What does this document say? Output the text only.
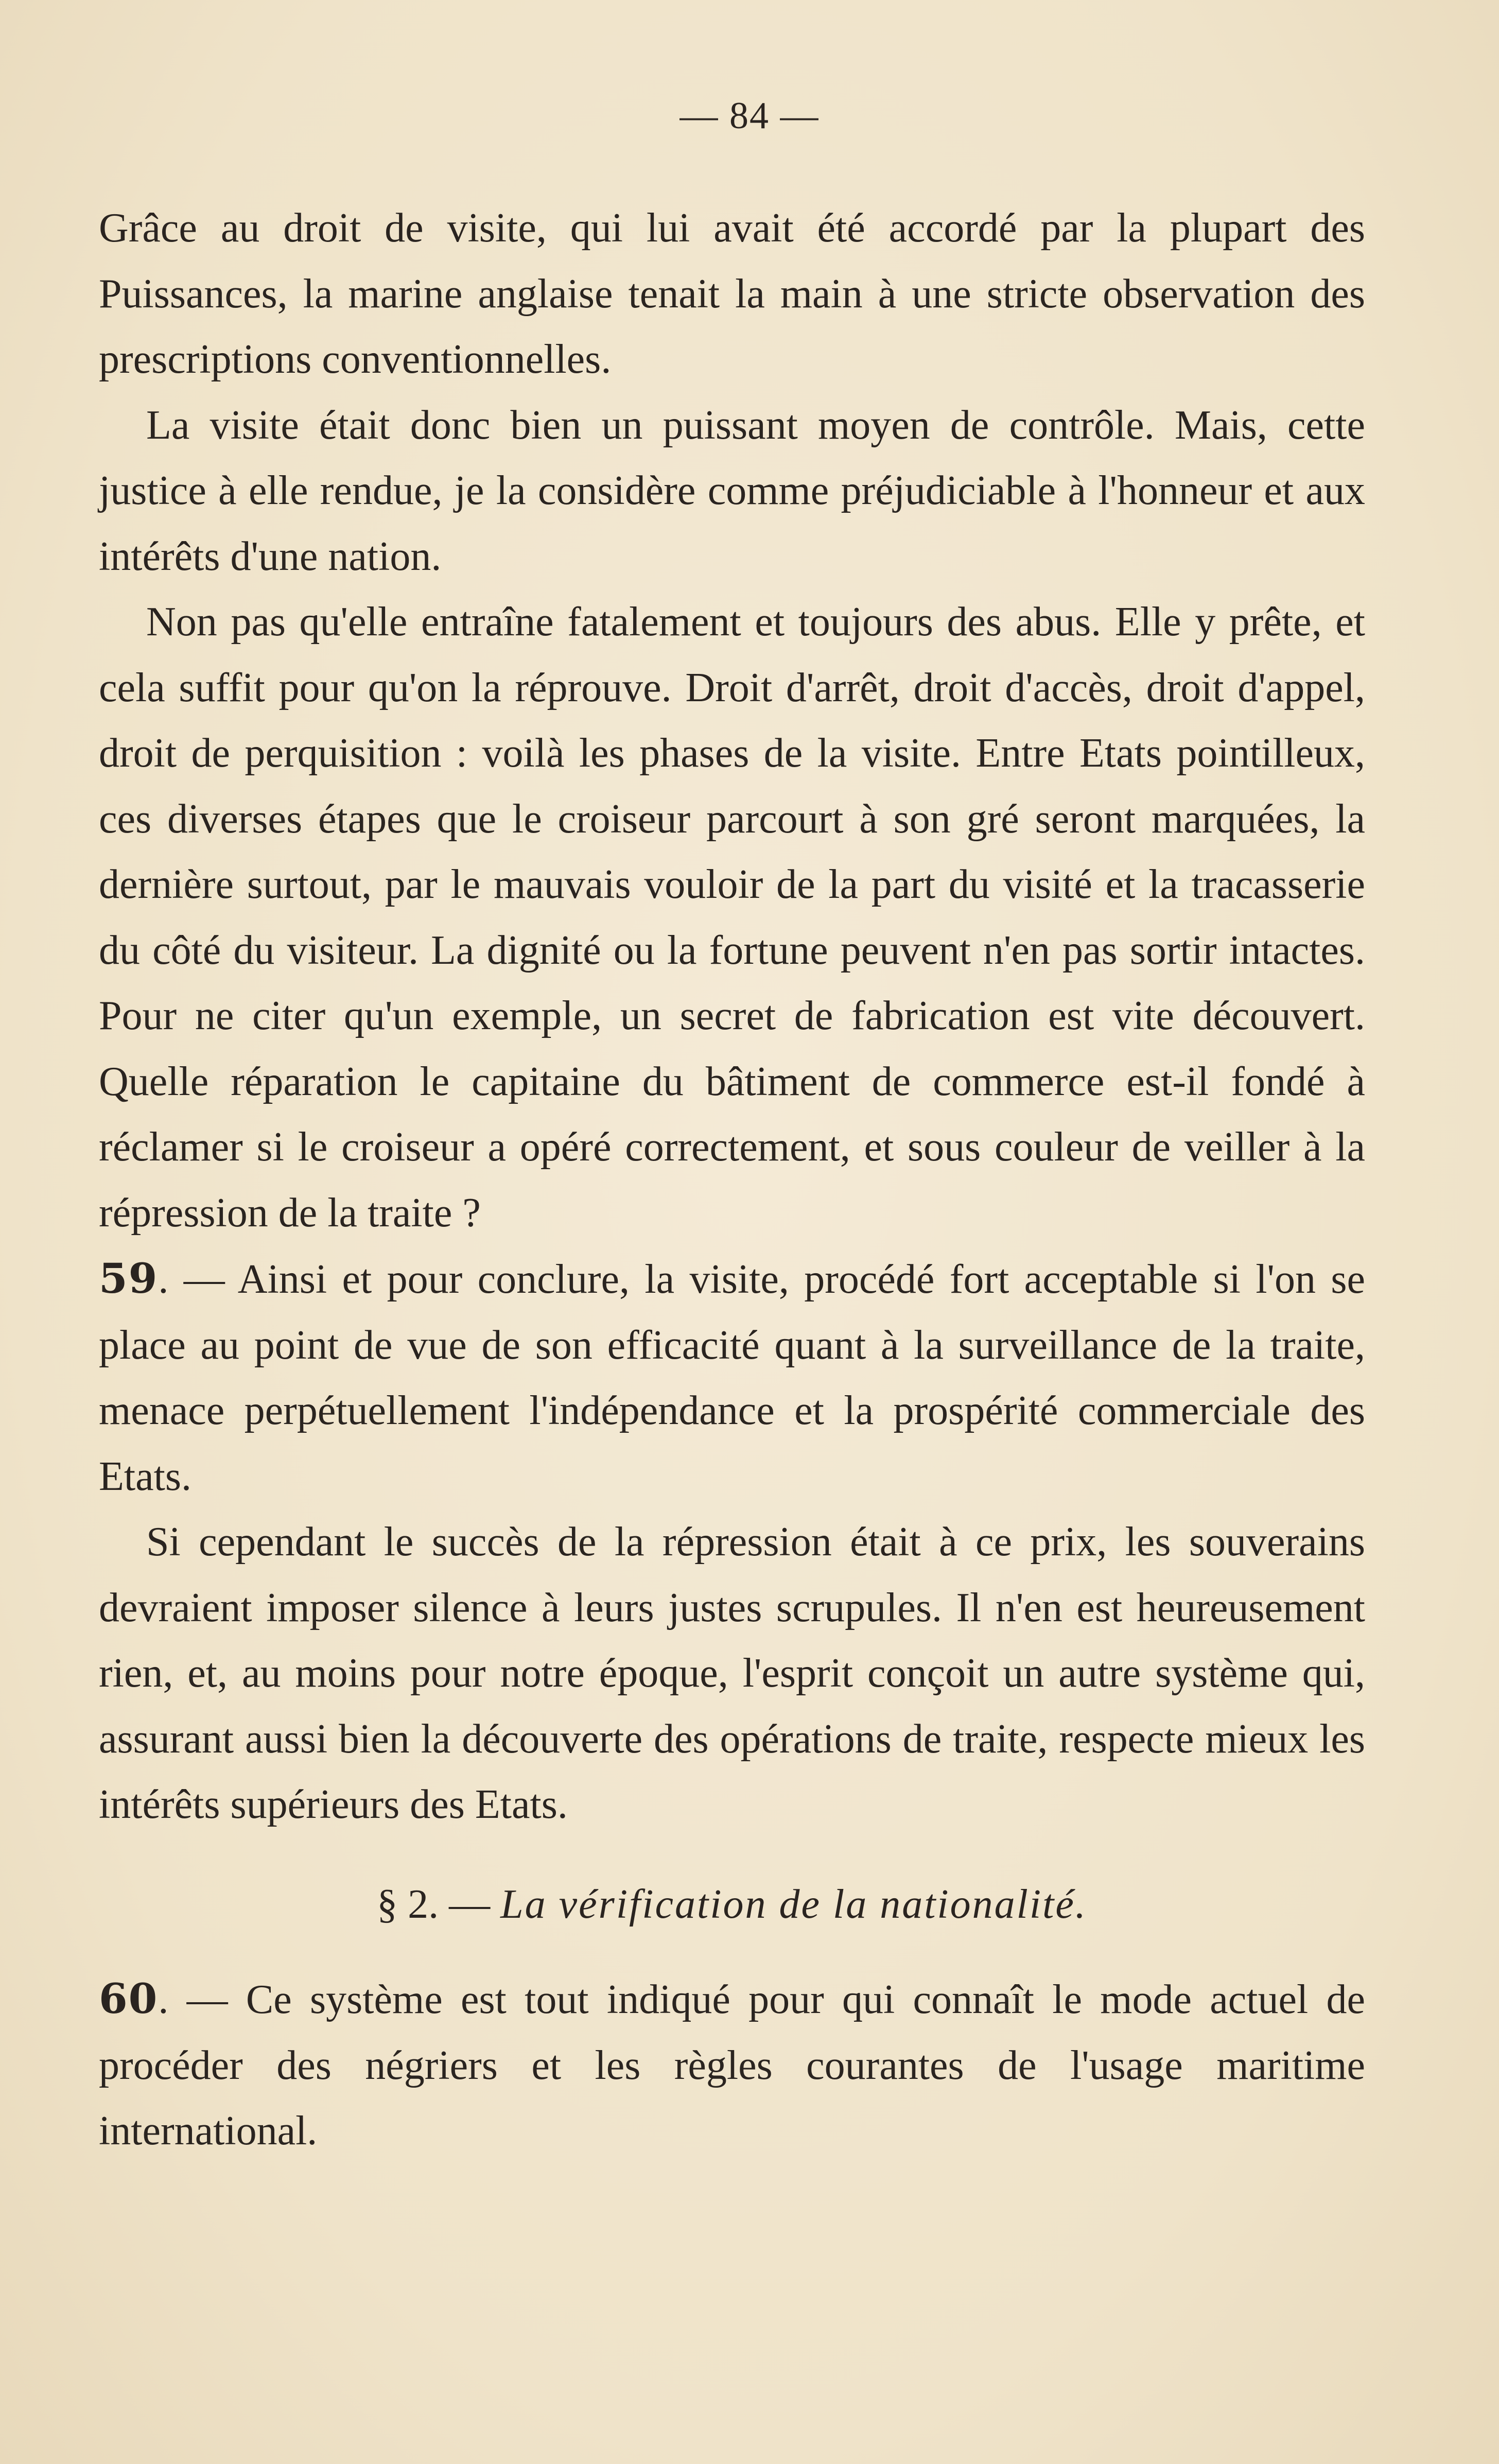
— 84 —

Grâce au droit de visite, qui lui avait été accordé par la plupart des Puissances, la marine anglaise tenait la main à une stricte observation des prescriptions conventionnelles.

La visite était donc bien un puissant moyen de contrôle. Mais, cette justice à elle rendue, je la considère comme préjudiciable à l'honneur et aux intérêts d'une nation.

Non pas qu'elle entraîne fatalement et toujours des abus. Elle y prête, et cela suffit pour qu'on la réprouve. Droit d'arrêt, droit d'accès, droit d'appel, droit de perquisition : voilà les phases de la visite. Entre Etats pointilleux, ces diverses étapes que le croiseur parcourt à son gré seront marquées, la dernière surtout, par le mauvais vouloir de la part du visité et la tracasserie du côté du visiteur. La dignité ou la fortune peuvent n'en pas sortir intactes. Pour ne citer qu'un exemple, un secret de fabrication est vite découvert. Quelle réparation le capitaine du bâtiment de commerce est-il fondé à réclamer si le croiseur a opéré correctement, et sous couleur de veiller à la répression de la traite ?

59. — Ainsi et pour conclure, la visite, procédé fort acceptable si l'on se place au point de vue de son efficacité quant à la surveillance de la traite, menace perpétuellement l'indépendance et la prospérité commerciale des Etats.

Si cependant le succès de la répression était à ce prix, les souverains devraient imposer silence à leurs justes scrupules. Il n'en est heureusement rien, et, au moins pour notre époque, l'esprit conçoit un autre système qui, assurant aussi bien la découverte des opérations de traite, respecte mieux les intérêts supérieurs des Etats.

§ 2. — La vérification de la nationalité.

60. — Ce système est tout indiqué pour qui connaît le mode actuel de procéder des négriers et les règles courantes de l'usage maritime international.
